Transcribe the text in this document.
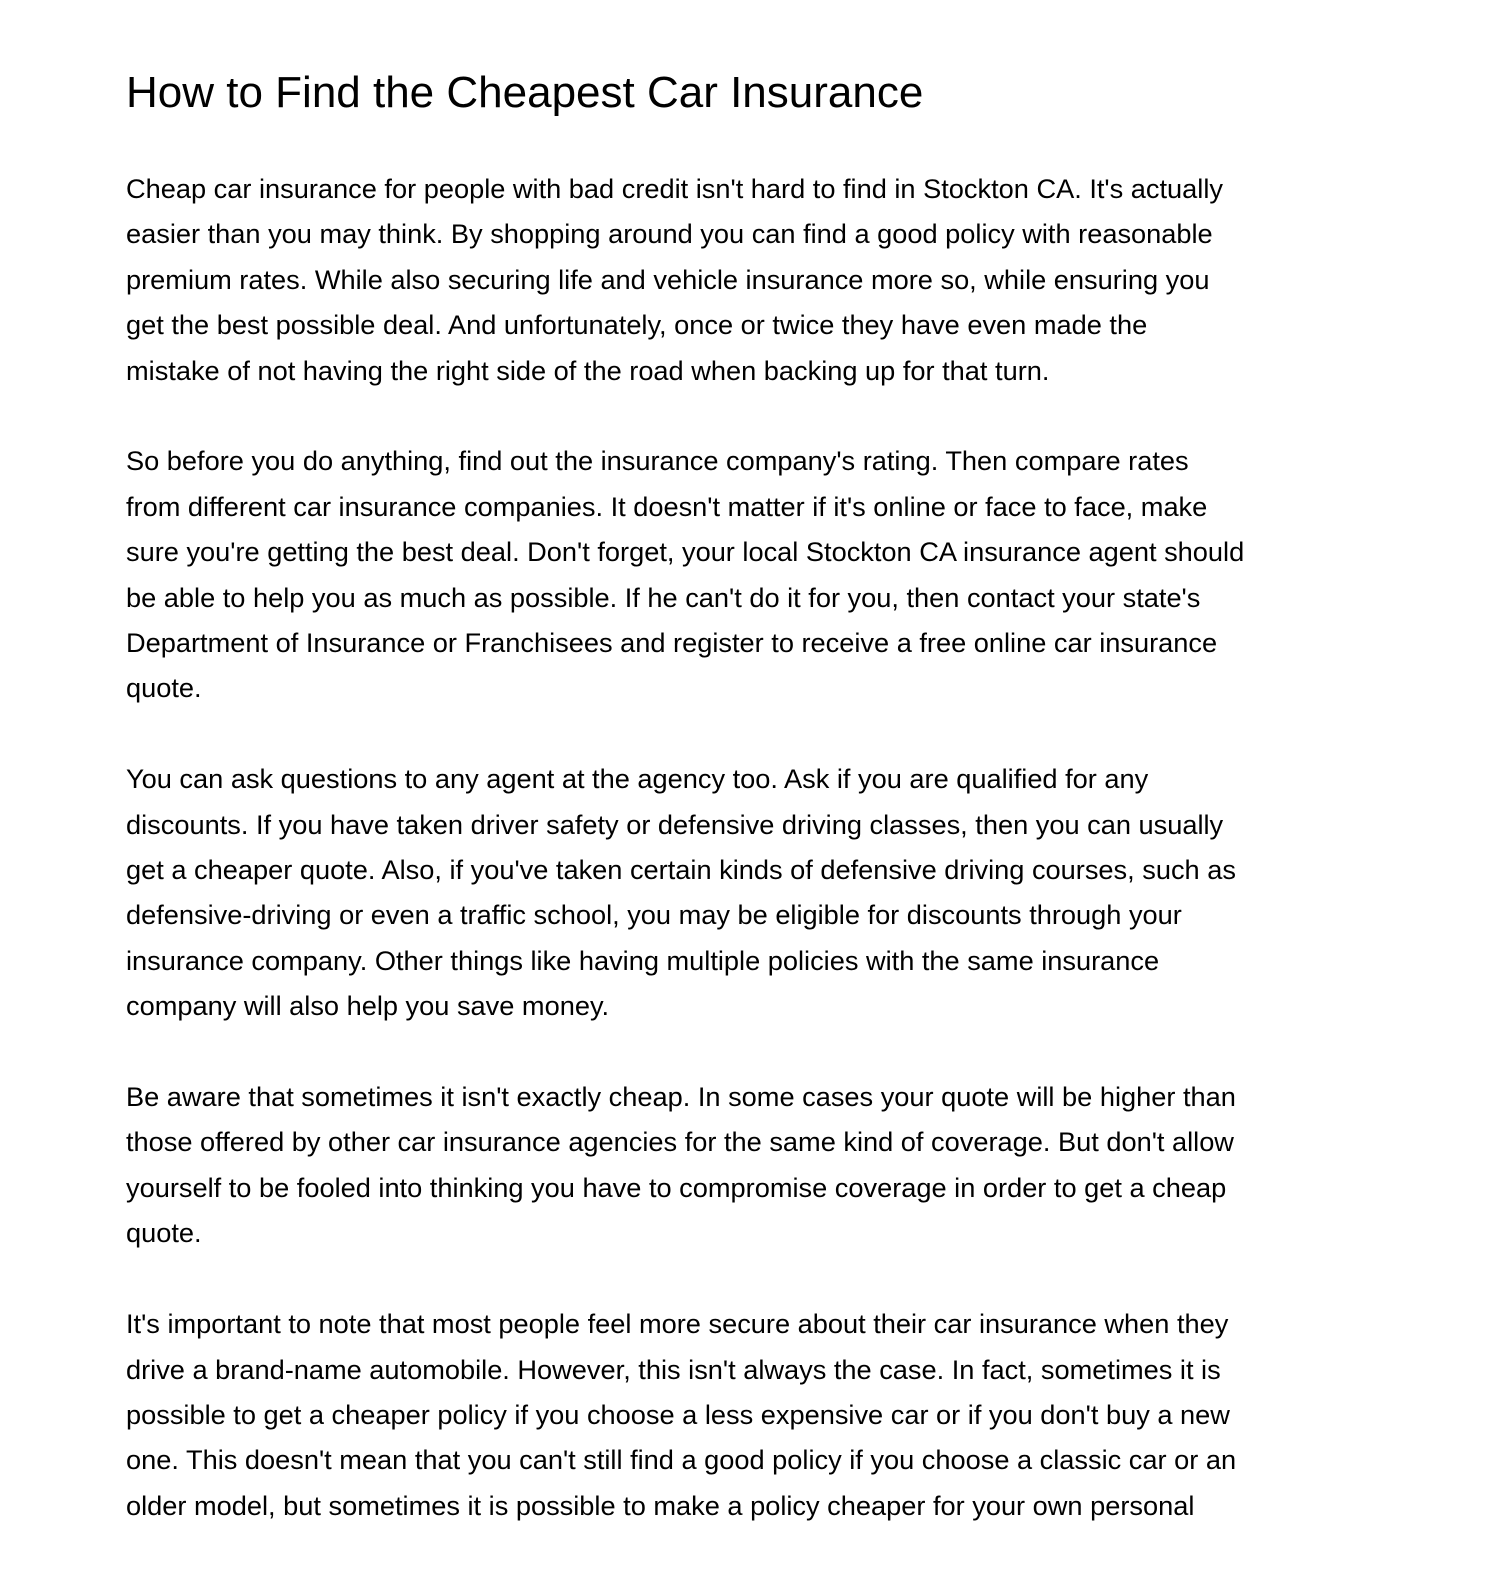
How to Find the Cheapest Car Insurance

Cheap car insurance for people with bad credit isn't hard to find in Stockton CA. It's actually
easier than you may think. By shopping around you can find a good policy with reasonable
premium rates. While also securing life and vehicle insurance more so, while ensuring you
get the best possible deal. And unfortunately, once or twice they have even made the
mistake of not having the right side of the road when backing up for that turn.

So before you do anything, find out the insurance company's rating. Then compare rates
from different car insurance companies. It doesn't matter if it's online or face to face, make
sure you're getting the best deal. Don't forget, your local Stockton CA insurance agent should
be able to help you as much as possible. If he can't do it for you, then contact your state's
Department of Insurance or Franchisees and register to receive a free online car insurance
quote.

You can ask questions to any agent at the agency too. Ask if you are qualified for any
discounts. If you have taken driver safety or defensive driving classes, then you can usually
get a cheaper quote. Also, if you've taken certain kinds of defensive driving courses, such as
defensive-driving or even a traffic school, you may be eligible for discounts through your
insurance company. Other things like having multiple policies with the same insurance
company will also help you save money.

Be aware that sometimes it isn't exactly cheap. In some cases your quote will be higher than
those offered by other car insurance agencies for the same kind of coverage. But don't allow
yourself to be fooled into thinking you have to compromise coverage in order to get a cheap
quote.

It's important to note that most people feel more secure about their car insurance when they
drive a brand-name automobile. However, this isn't always the case. In fact, sometimes it is
possible to get a cheaper policy if you choose a less expensive car or if you don't buy a new
one. This doesn't mean that you can't still find a good policy if you choose a classic car or an
older model, but sometimes it is possible to make a policy cheaper for your own personal
